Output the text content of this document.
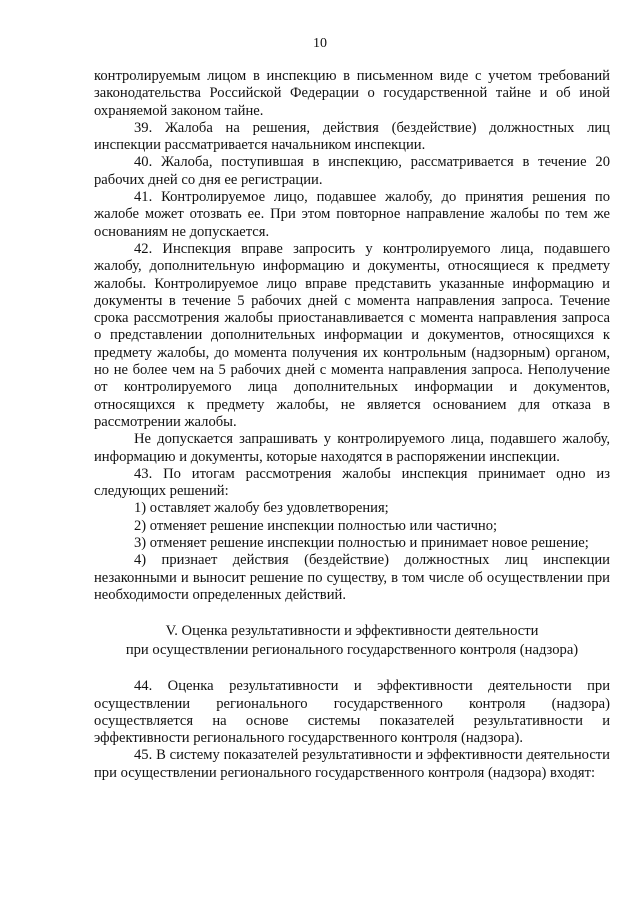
10

контролируемым лицом в инспекцию в письменном виде с учетом требований законодательства Российской Федерации о государственной тайне и об иной охраняемой законом тайне.

39. Жалоба на решения, действия (бездействие) должностных лиц инспекции рассматривается начальником инспекции.

40. Жалоба, поступившая в инспекцию, рассматривается в течение 20 рабочих дней со дня ее регистрации.

41. Контролируемое лицо, подавшее жалобу, до принятия решения по жалобе может отозвать ее. При этом повторное направление жалобы по тем же основаниям не допускается.

42. Инспекция вправе запросить у контролируемого лица, подавшего жалобу, дополнительную информацию и документы, относящиеся к предмету жалобы. Контролируемое лицо вправе представить указанные информацию и документы в течение 5 рабочих дней с момента направления запроса. Течение срока рассмотрения жалобы приостанавливается с момента направления запроса о представлении дополнительных информации и документов, относящихся к предмету жалобы, до момента получения их контрольным (надзорным) органом, но не более чем на 5 рабочих дней с момента направления запроса. Неполучение от контролируемого лица дополнительных информации и документов, относящихся к предмету жалобы, не является основанием для отказа в рассмотрении жалобы.

Не допускается запрашивать у контролируемого лица, подавшего жалобу, информацию и документы, которые находятся в распоряжении инспекции.

43. По итогам рассмотрения жалобы инспекция принимает одно из следующих решений:

1) оставляет жалобу без удовлетворения;

2) отменяет решение инспекции полностью или частично;

3) отменяет решение инспекции полностью и принимает новое решение;

4) признает действия (бездействие) должностных лиц инспекции незаконными и выносит решение по существу, в том числе об осуществлении при необходимости определенных действий.

V. Оценка результативности и эффективности деятельности
при осуществлении регионального государственного контроля (надзора)

44. Оценка результативности и эффективности деятельности при осуществлении регионального государственного контроля (надзора) осуществляется на основе системы показателей результативности и эффективности регионального государственного контроля (надзора).

45. В систему показателей результативности и эффективности деятельности при осуществлении регионального государственного контроля (надзора) входят:
